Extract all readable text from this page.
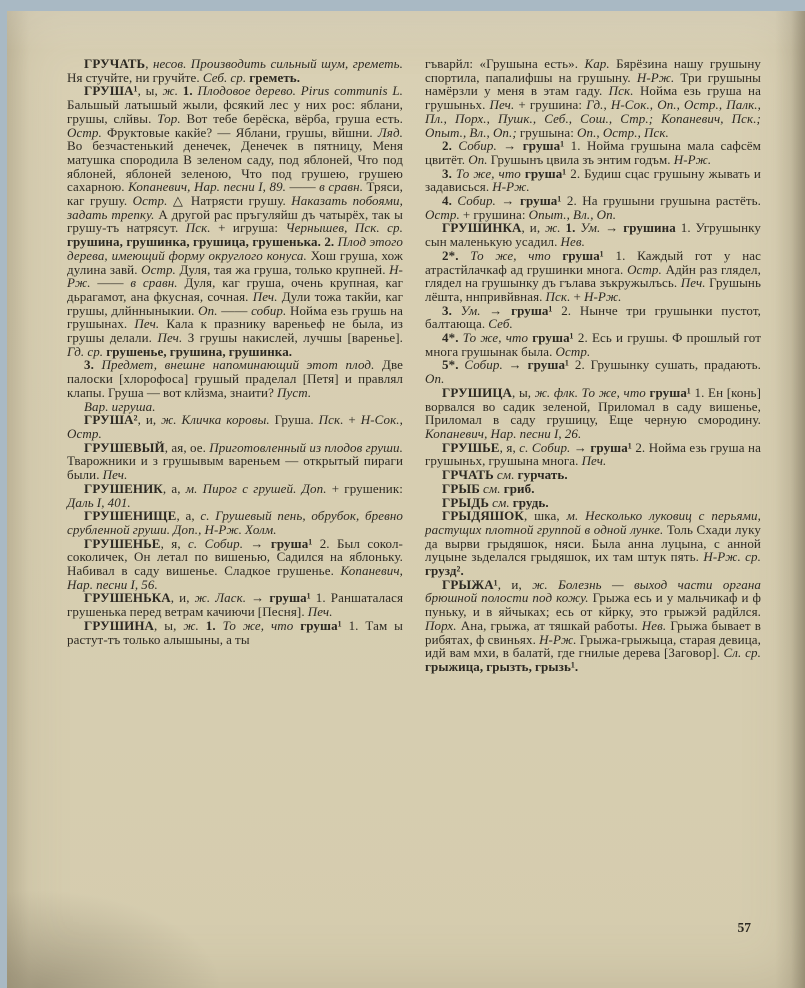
ГРУЧАТЬ, несов. Производить сильный шум, греметь. Ня стучйте, ни гручйте. Себ. ср. греметь.

ГРУША¹, ы, ж. 1. Плодовое дерево. Pirus communis L. Бальшый латышый жыли, фсякий лес у них рос: яблани, грушы, слйвы. Тор. Вот тебе берёска, вёрба, груша есть. Остр. Фруктовые какйе? — Яблани, грушы, вйшни. Ляд. Во безчастенький денечек, Денечек в пятницу, Меня матушка спородила В зеленом саду, под яблоней, Что под яблоней, яблоней зеленою, Что под грушею, грушею сахарною. Копаневич, Нар. песни I, 89. —— в сравн. Тряси, каг грушу. Остр. △ Натрясти грушу. Наказать побоями, задать трепку. А другой рас пръгуляйш дъ чатырёх, так ы грушу-тъ натрясут. Пск. + игруша: Чернышев, Пск. ср. грушина, грушинка, грушица, грушенька. 2. Плод этого дерева, имеющий форму округлого конуса. Хош груша, хож дулина завй. Остр. Дуля, тая жа груша, только крупней. Н-Рж. —— в сравн. Дуля, каг груша, очень крупная, каг дьрагамот, ана фкусная, сочная. Печ. Дули тожа такйи, каг грушы, длйнныныкии. Оп. —— собир. Нойма езь грушь на грушынах. Печ. Кала к празнику вареньеф не была, из грушы делали. Печ. З грушы накислей, лучшы [варенье]. Гд. ср. грушенье, грушина, грушинка.

3. Предмет, внешне напоминающий этот плод. Две палоски [хлорофоса] грушый праделал [Петя] и правлял клапы. Груша — вот клйзма, знаити? Пуст.

Вар. игруша.

ГРУША², и, ж. Кличка коровы. Груша. Пск. + Н-Сок., Остр.

ГРУШЕВЫЙ, ая, ое. Приготовленный из плодов груши. Тварожники и з грушывым вареньем — открытый пираги были. Печ.

ГРУШЕНИК, а, м. Пирог с грушей. Доп. + грушеник: Даль I, 401.

ГРУШЕНИЩЕ, а, с. Грушевый пень, обрубок, бревно срубленной груши. Доп., Н-Рж. Холм.

ГРУШЕНЬЕ, я, с. Собир. → груша¹ 2. Был сокол-соколичек, Он летал по вишенью, Садился на яблоньку. Набивал в саду вишенье. Сладкое грушенье. Копаневич, Нар. песни I, 56.

ГРУШЕНЬКА, и, ж. Ласк. → груша¹ 1. Раншаталася грушенька перед ветрам качиючи [Песня]. Печ.

ГРУШИНА, ы, ж. 1. То же, что груша¹ 1. Там ы растут-тъ только алышыны, а ты

гъварйл: «Грушына есть». Кар. Бярёзина нашу грушыну спортила, папалифшы на грушыну. Н-Рж. Три грушыны намёрзли у меня в этам гаду. Пск. Нойма езь груша на грушыньх. Печ. + грушина: Гд., Н-Сок., Оп., Остр., Палк., Пл., Порх., Пушк., Себ., Сош., Стр.; Копаневич, Пск.; Опыт., Вл., Оп.; грушына: Оп., Остр., Пск.

2. Собир. → груша¹ 1. Нойма грушына мала сафсём цвитёт. Оп. Грушынъ цвила зъ энтим годъм. Н-Рж.

3. То же, что груша¹ 2. Будиш сцас грушыну жывать и задависься. Н-Рж.

4. Собир. → груша¹ 2. На грушыни грушына растёть. Остр. + грушина: Опыт., Вл., Оп.

ГРУШИНКА, и, ж. 1. Ум. → грушина 1. Угрушынку сын маленькую усадил. Нев.

2*. То же, что груша¹ 1. Каждый гот у нас атрастйлачкаф ад грушинки многа. Остр. Адйн раз глядел, глядел на грушынку дъ гълава зъкружылъсь. Печ. Грушынь лёшта, ннпривйвная. Пск. + Н-Рж.

3. Ум. → груша¹ 2. Нынче три грушынки пустот, балтающа. Себ.

4*. То же, что груша¹ 2. Есь и грушы. Ф прошлый гот многа грушынак была. Остр.

5*. Собир. → груша¹ 2. Грушынку сушать, прадають. Оп.

ГРУШИЦА, ы, ж. флк. То же, что груша¹ 1. Ен [конь] ворвался во садик зеленой, Приломал в саду вишенье, Приломал в саду грушицу, Еще черную смородину. Копаневич, Нар. песни I, 26.

ГРУШЬЕ, я, с. Собир. → груша¹ 2. Нойма езь груша на грушыньх, грушына многа. Печ.

ГРЧАТЬ см. гурчать.

ГРЫБ см. гриб.

ГРЫДЬ см. грудь.

ГРЫДЯШОК, шка, м. Несколько луковиц с перьями, растущих плотной группой в одной лунке. Толь Схади луку да вырви грыдяшок, няси. Была анна луцына, с анной луцыне зьделался грыдяшок, их там штук пять. Н-Рж. ср. грузд².

ГРЫЖА¹, и, ж. Болезнь — выход части органа брюшной полости под кожу. Грыжа есь и у мальчикаф и ф пуньку, и в яйчыках; есь от кйрку, это грыжэй радйлся. Порх. Ана, грыжа, ат тяшкай работы. Нев. Грыжа бывает в рибятах, ф свиньях. Н-Рж. Грыжа-грыжыца, старая девица, идй вам мхи, в балатй, где гнилые дерева [Заговор]. Сл. ср. грыжица, грызть, грызь¹.

57
